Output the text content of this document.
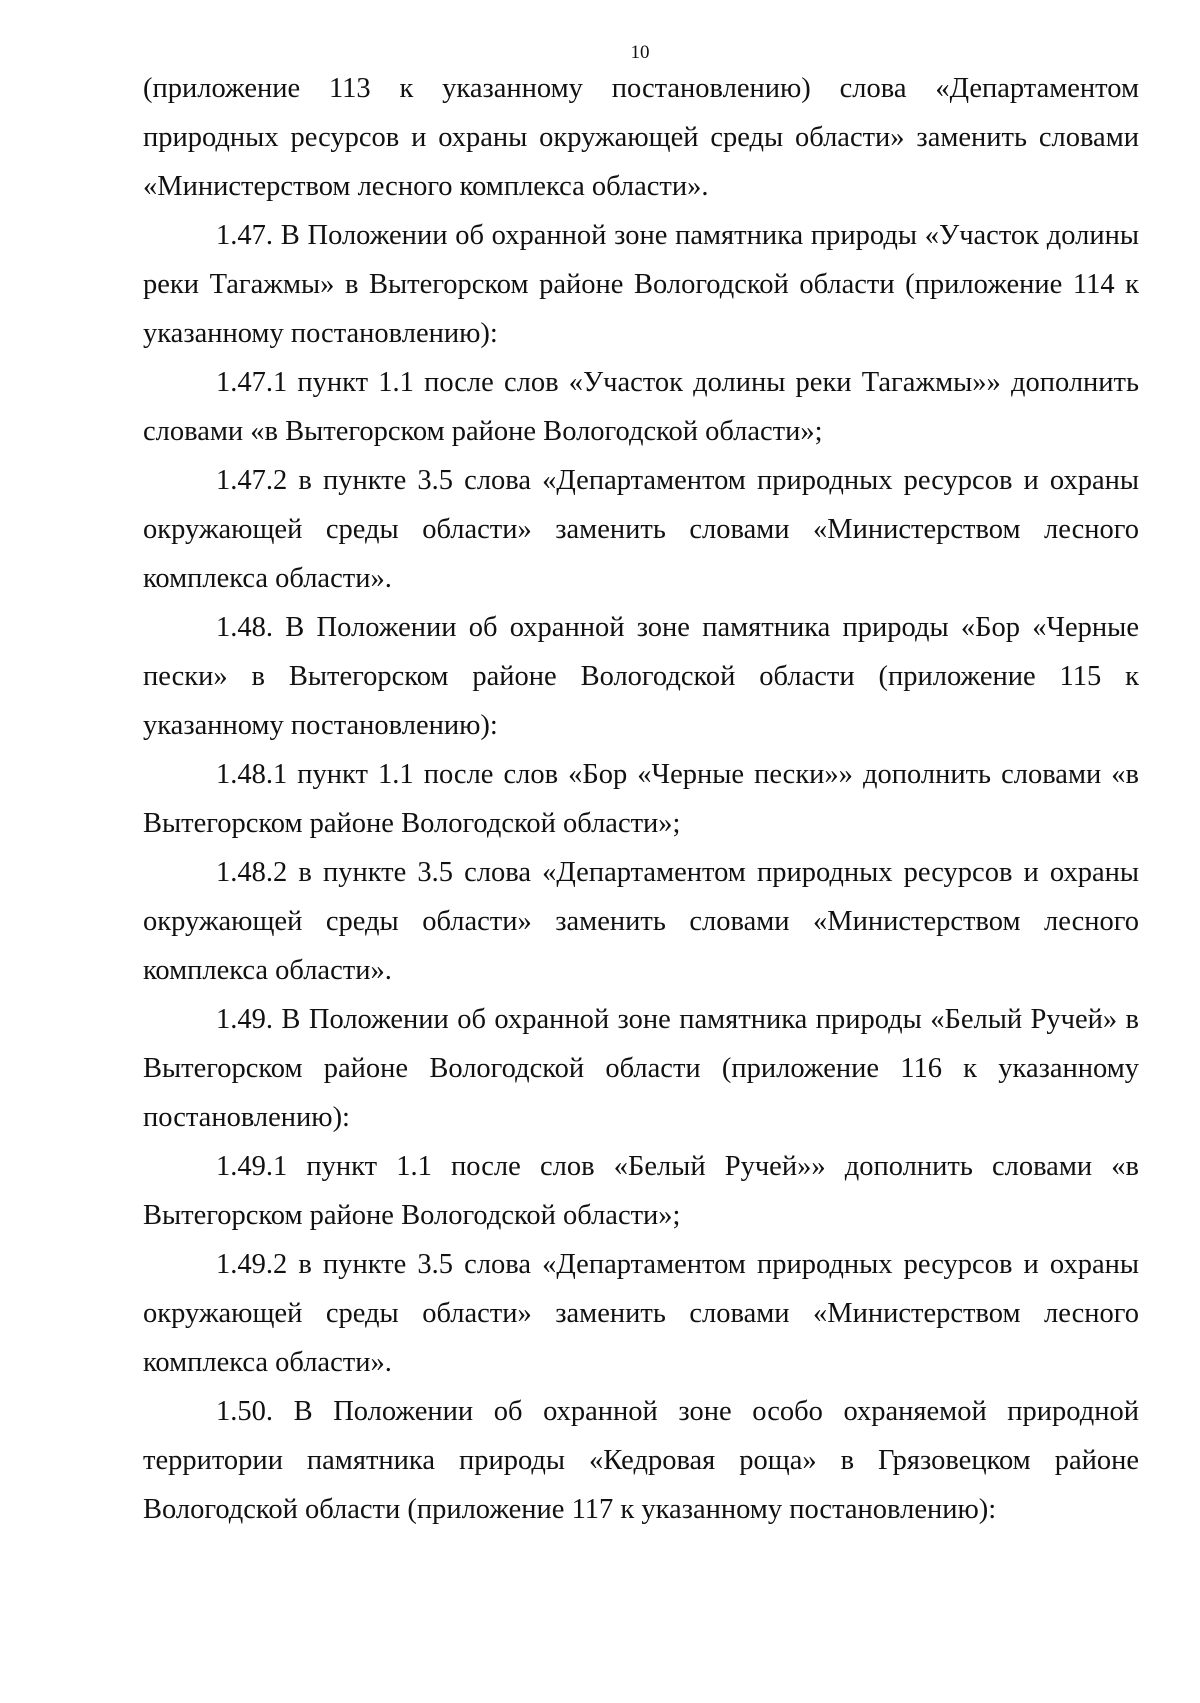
10

(приложение 113 к указанному постановлению) слова «Департаментом природных ресурсов и охраны окружающей среды области» заменить словами «Министерством лесного комплекса области».

1.47. В Положении об охранной зоне памятника природы «Участок долины реки Тагажмы» в Вытегорском районе Вологодской области (приложение 114 к указанному постановлению):

1.47.1 пункт 1.1 после слов «Участок долины реки Тагажмы»» дополнить словами «в Вытегорском районе Вологодской области»;

1.47.2 в пункте 3.5 слова «Департаментом природных ресурсов и охраны окружающей среды области» заменить словами «Министерством лесного комплекса области».

1.48. В Положении об охранной зоне памятника природы «Бор «Черные пески» в Вытегорском районе Вологодской области (приложение 115 к указанному постановлению):

1.48.1 пункт 1.1 после слов «Бор «Черные пески»» дополнить словами «в Вытегорском районе Вологодской области»;

1.48.2 в пункте 3.5 слова «Департаментом природных ресурсов и охраны окружающей среды области» заменить словами «Министерством лесного комплекса области».

1.49. В Положении об охранной зоне памятника природы «Белый Ручей» в Вытегорском районе Вологодской области (приложение 116 к указанному постановлению):

1.49.1 пункт 1.1 после слов «Белый Ручей»» дополнить словами «в Вытегорском районе Вологодской области»;

1.49.2 в пункте 3.5 слова «Департаментом природных ресурсов и охраны окружающей среды области» заменить словами «Министерством лесного комплекса области».

1.50. В Положении об охранной зоне особо охраняемой природной территории памятника природы «Кедровая роща» в Грязовецком районе Вологодской области (приложение 117 к указанному постановлению):
